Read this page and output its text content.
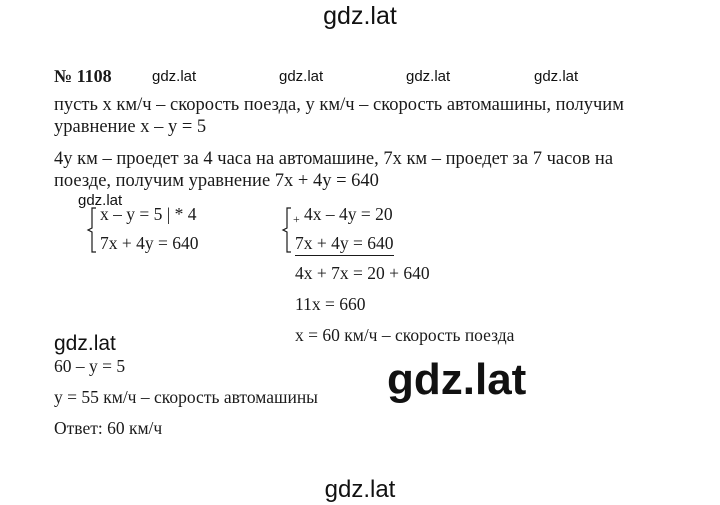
gdz.lat
gdz.lat	gdz.lat	gdz.lat	gdz.lat
gdz.lat
gdz.lat
gdz.lat
gdz.lat
№ 1108
пусть х км/ч – скорость поезда, у км/ч – скорость автомашины, получим
уравнение х – у = 5
4у км – проедет за 4 часа на автомашине, 7х км – проедет за 7 часов на
поезде, получим уравнение 7х + 4у = 640
х – у = 5 | * 4
7х + 4у = 640
+ 4х – 4у = 20
7х + 4у = 640
4х + 7х = 20 + 640
11х = 660
х = 60 км/ч – скорость поезда
60 – у = 5
у = 55 км/ч – скорость автомашины
Ответ: 60 км/ч
